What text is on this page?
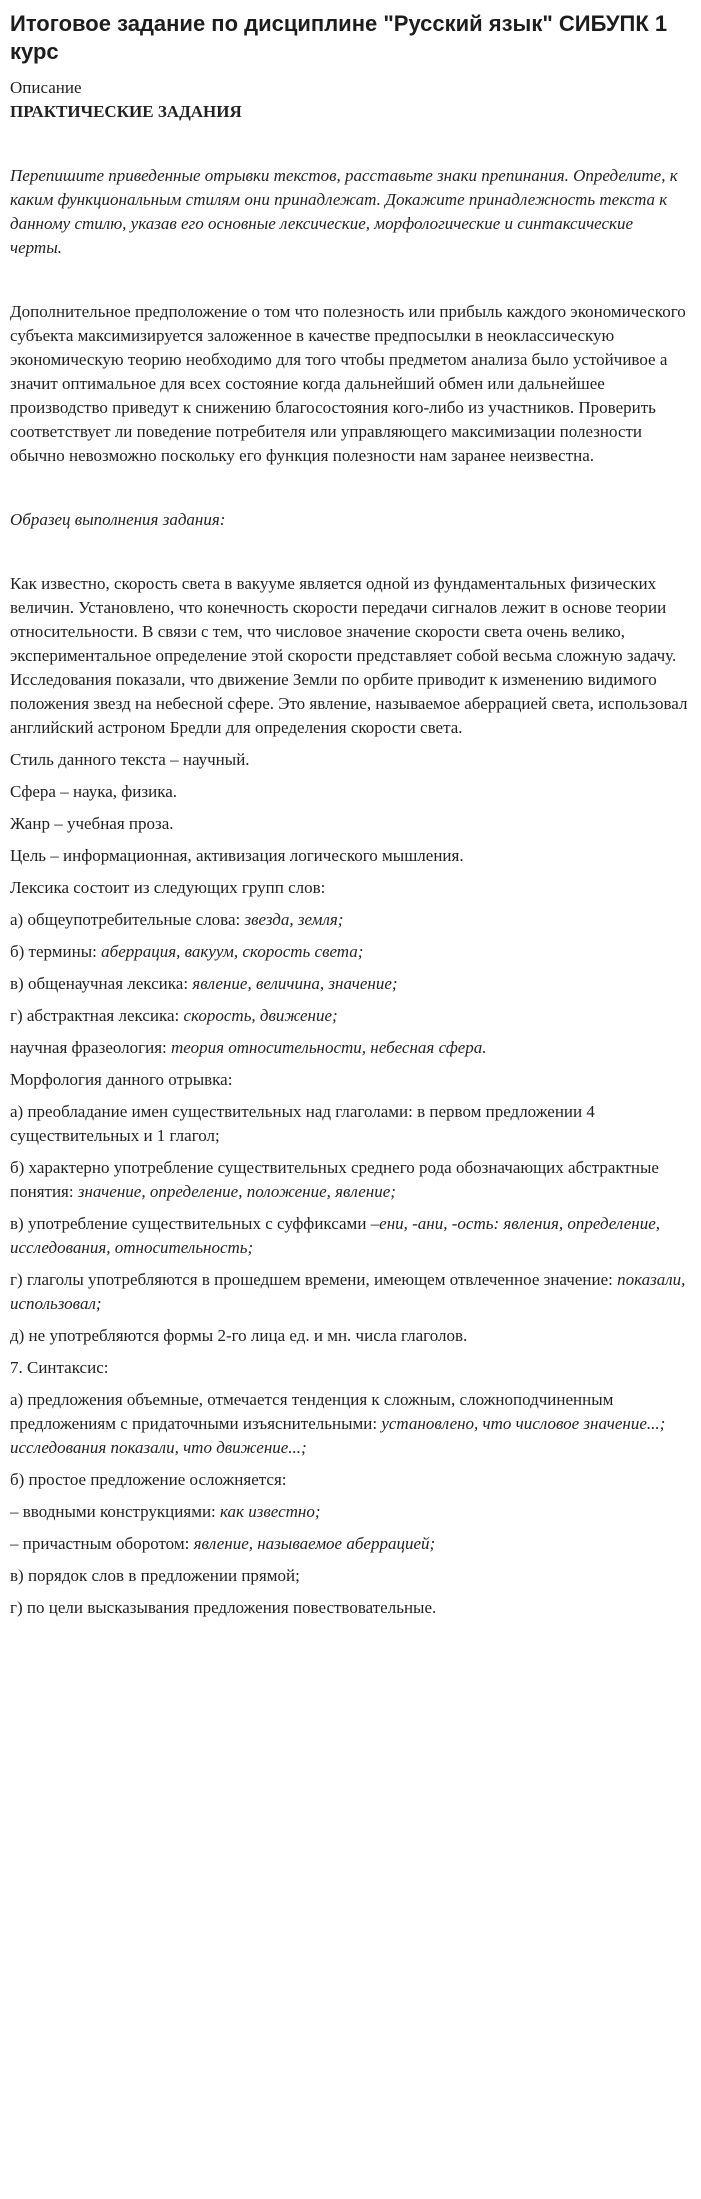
Итоговое задание по дисциплине "Русский язык" СИБУПК 1 курс

Описание

ПРАКТИЧЕСКИЕ ЗАДАНИЯ

Перепишите приведенные отрывки текстов, расставьте знаки препинания. Определите, к каким функциональным стилям они принадлежат. Докажите принадлежность текста к данному стилю, указав его основные лексические, морфологические и синтаксические черты.

Дополнительное предположение о том что полезность или прибыль каждого экономического субъекта максимизируется заложенное в качестве предпосылки в неоклассическую экономическую теорию необходимо для того чтобы предметом анализа было устойчивое а значит оптимальное для всех состояние когда дальнейший обмен или дальнейшее производство приведут к снижению благосостояния кого-либо из участников. Проверить соответствует ли поведение потребителя или управляющего максимизации полезности обычно невозможно поскольку его функция полезности нам заранее неизвестна.

Образец выполнения задания:

Как известно, скорость света в вакууме является одной из фундаментальных физических величин. Установлено, что конечность скорости передачи сигналов лежит в основе теории относительности. В связи с тем, что числовое значение скорости света очень велико, экспериментальное определение этой скорости представляет собой весьма сложную задачу. Исследования показали, что движение Земли по орбите приводит к изменению видимого положения звезд на небесной сфере. Это явление, называемое аберрацией света, использовал английский астроном Бредли для определения скорости света.

Стиль данного текста – научный.

Сфера – наука, физика.

Жанр – учебная проза.

Цель – информационная, активизация логического мышления.

Лексика состоит из следующих групп слов:

а) общеупотребительные слова: звезда, земля;

б) термины: аберрация, вакуум, скорость света;

в) общенаучная лексика: явление, величина, значение;

г) абстрактная лексика: скорость, движение;

научная фразеология: теория относительности, небесная сфера.

Морфология данного отрывка:

а) преобладание имен существительных над глаголами: в первом предложении 4 существительных и 1 глагол;

б) характерно употребление существительных среднего рода обозначающих абстрактные понятия: значение, определение, положение, явление;

в) употребление существительных с суффиксами –ени, -ани, -ость: явления, определение, исследования, относительность;

г) глаголы употребляются в прошедшем времени, имеющем отвлеченное значение: показали, использовал;

д) не употребляются формы 2-го лица ед. и мн. числа глаголов.

7. Синтаксис:

а) предложения объемные, отмечается тенденция к сложным, сложноподчиненным предложениям с придаточными изъяснительными: установлено, что числовое значение...; исследования показали, что движение...;

б) простое предложение осложняется:

– вводными конструкциями: как известно;

– причастным оборотом: явление, называемое аберрацией;

в) порядок слов в предложении прямой;

г) по цели высказывания предложения повествовательные.
